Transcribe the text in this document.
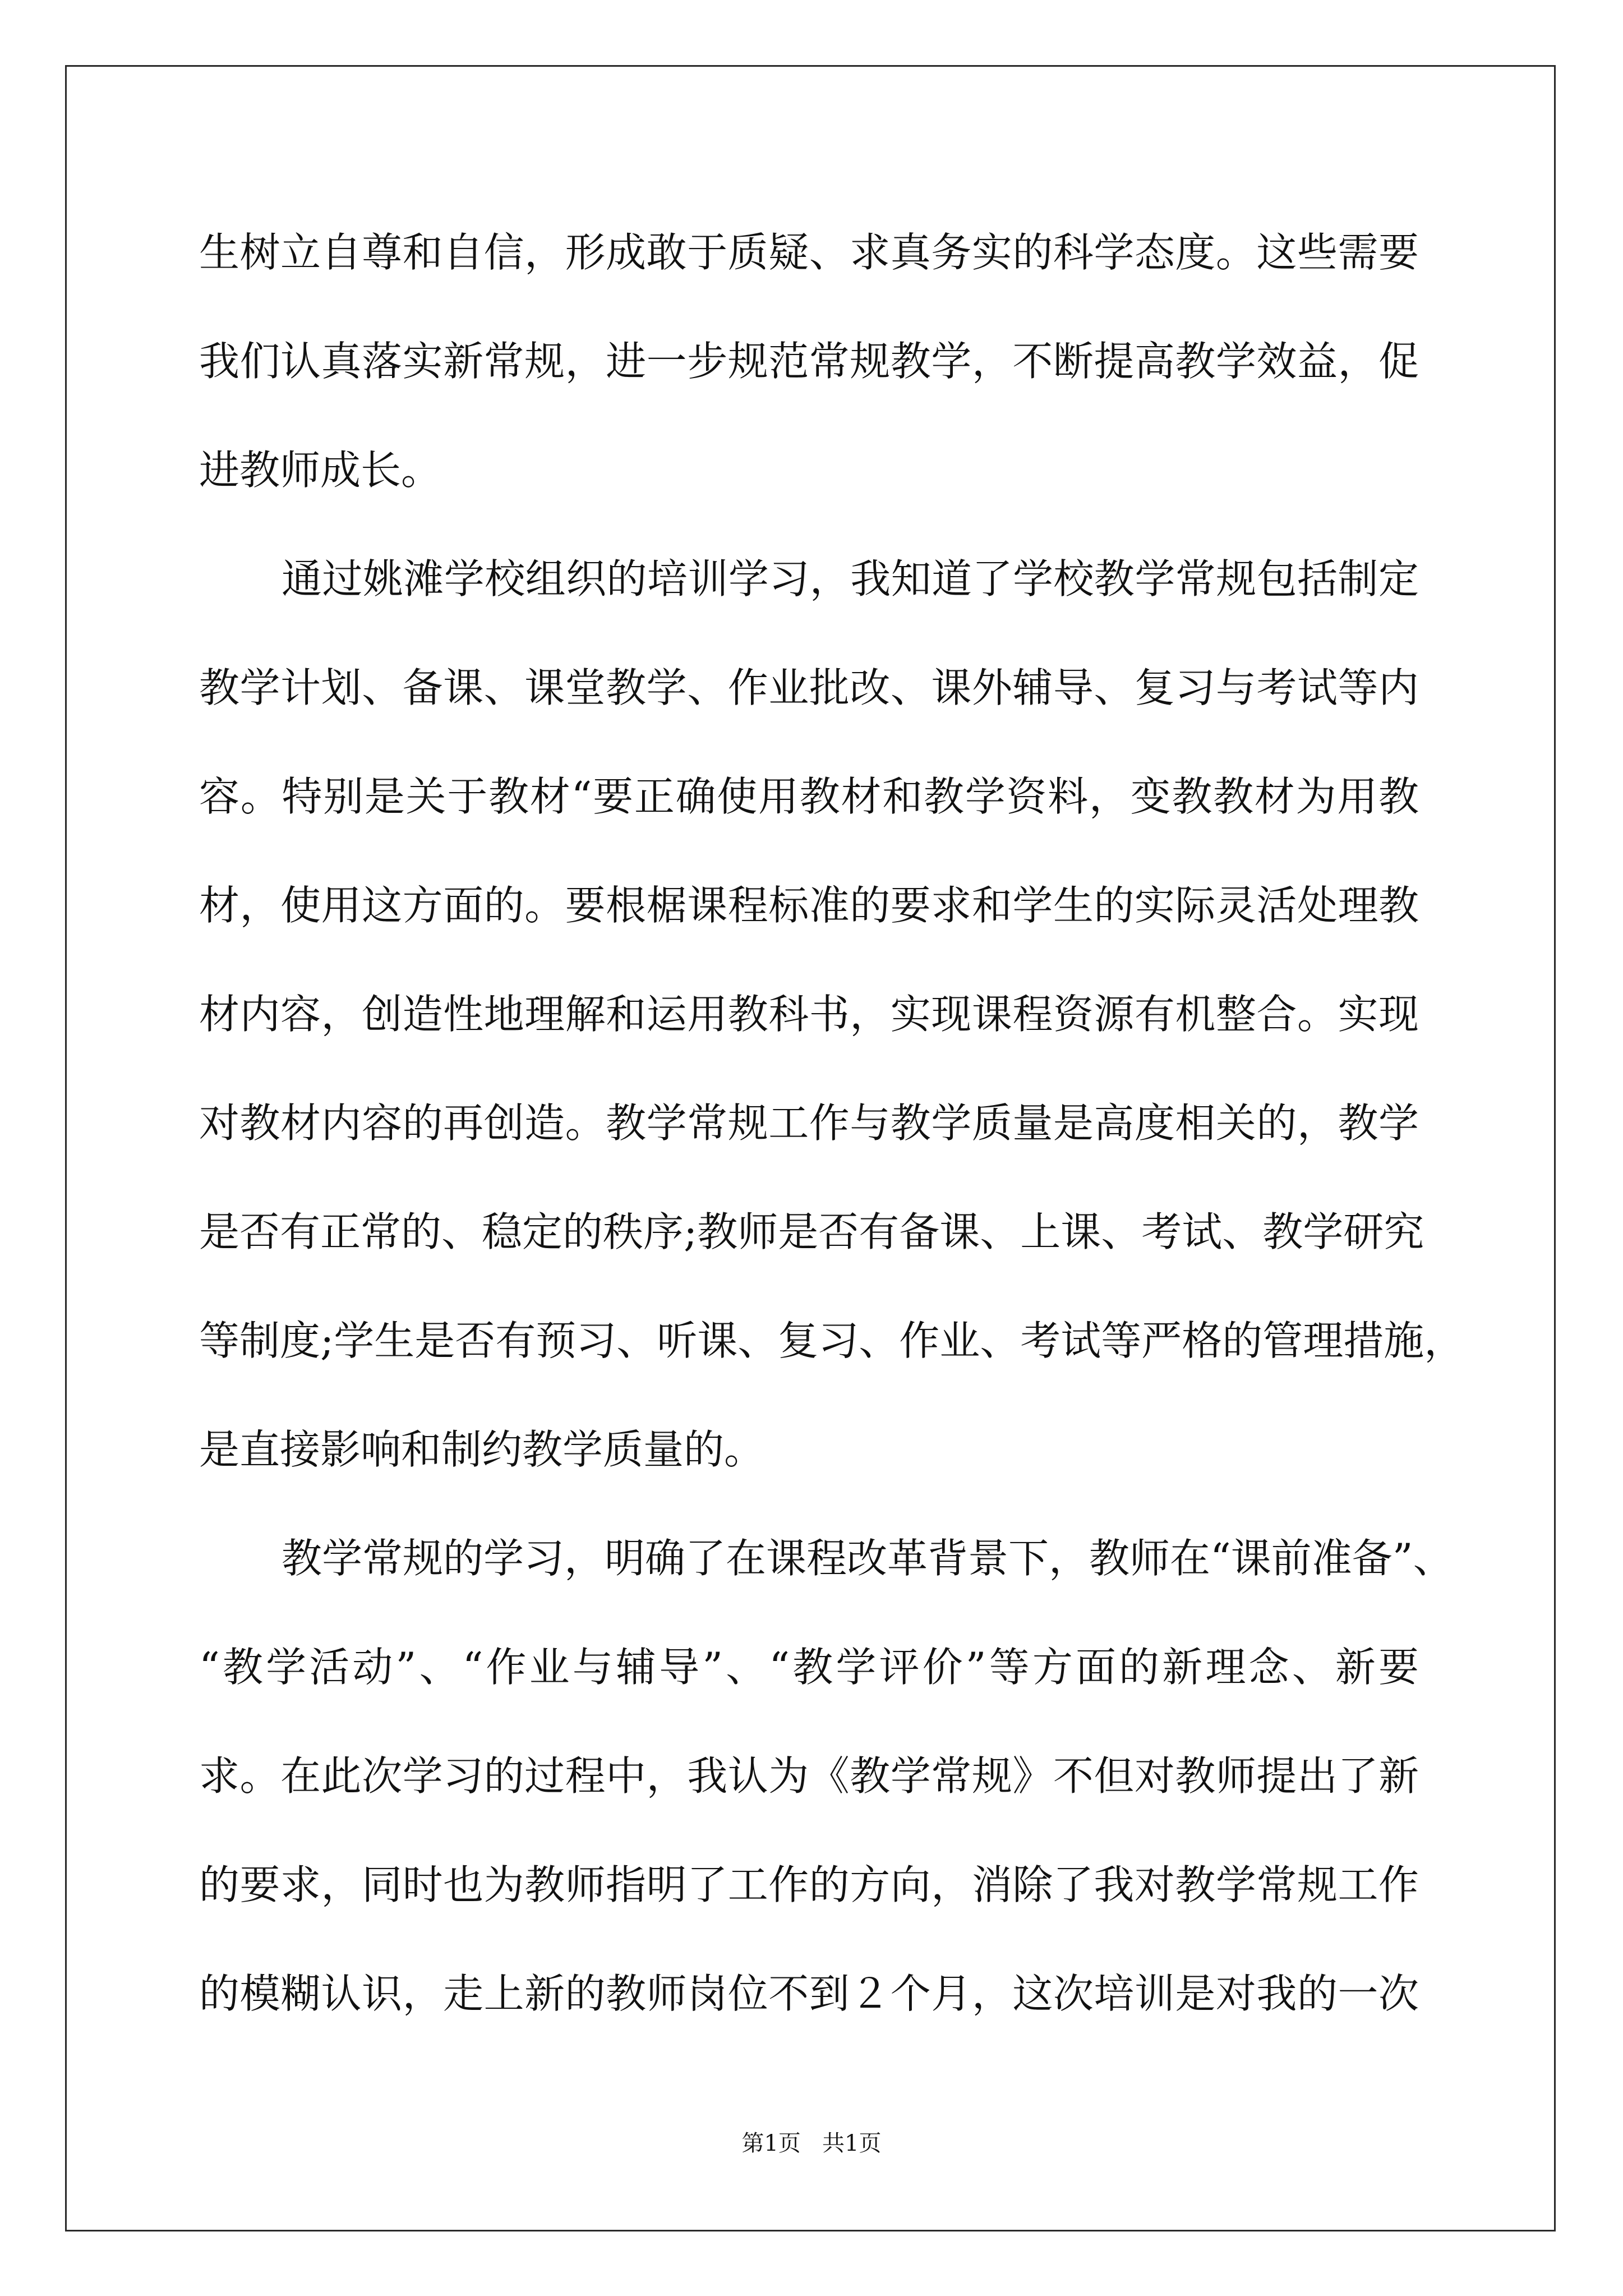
生树立自尊和自信，形成敢于质疑、求真务实的科学态度。这些需要
我们认真落实新常规，进一步规范常规教学，不断提高教学效益，促
进教师成长。
通过姚滩学校组织的培训学习，我知道了学校教学常规包括制定
教学计划、备课、课堂教学、作业批改、课外辅导、复习与考试等内
容。特别是关于教材“要正确使用教材和教学资料，变教教材为用教
材，使用这方面的。要根椐课程标准的要求和学生的实际灵活处理教
材内容，创造性地理解和运用教科书，实现课程资源有机整合。实现
对教材内容的再创造。教学常规工作与教学质量是高度相关的，教学
是否有正常的、稳定的秩序;教师是否有备课、上课、考试、教学研究
等制度;学生是否有预习、听课、复习、作业、考试等严格的管理措施，
是直接影响和制约教学质量的。
教学常规的学习，明确了在课程改革背景下，教师在“课前准备”、
“教学活动”、“作业与辅导”、“教学评价”等方面的新理念、新要
求。在此次学习的过程中，我认为《教学常规》不但对教师提出了新
的要求，同时也为教师指明了工作的方向，消除了我对教学常规工作
的模糊认识，走上新的教师岗位不到２个月，这次培训是对我的一次
第1页   共1页
